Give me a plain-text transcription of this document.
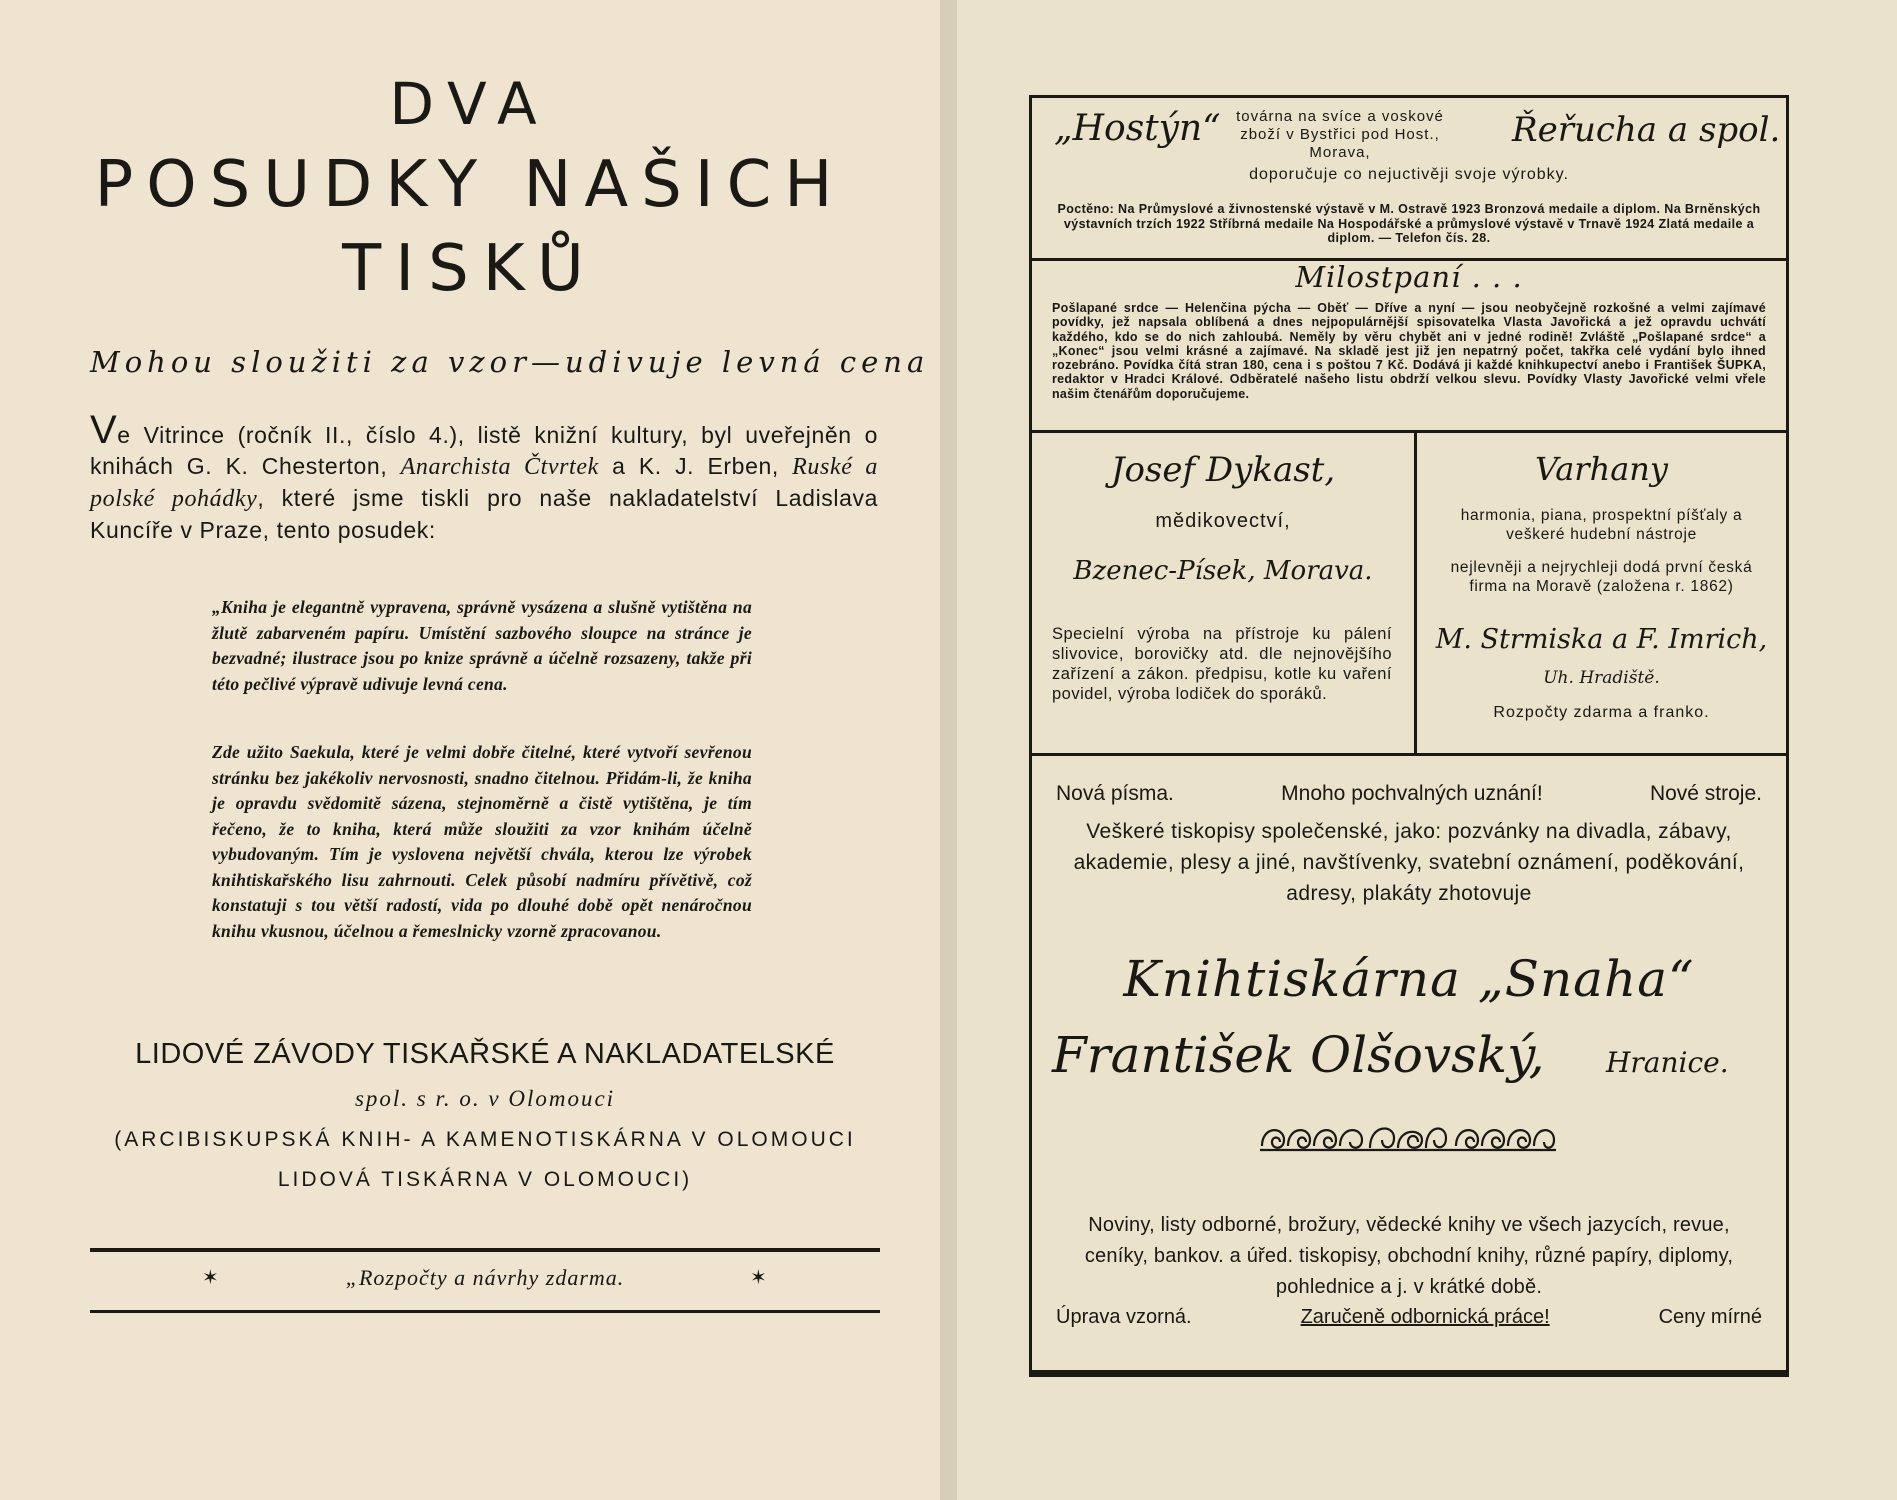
DVA
POSUDKY NAŠICH
TISKŮ
Mohou sloužiti za vzor — udivuje levná cena
Ve Vitrince (ročník II., číslo 4.), listě knižní kultury, byl uveřejněn o knihách G. K. Chesterton, Anarchista Čtvrtek a K. J. Erben, Ruské a polské pohádky, které jsme tiskli pro naše nakladatelství Ladislava Kuncíře v Praze, tento posudek:
„Kniha je elegantně vypravena, správně vysázena a slušně vytištěna na žlutě zabarveném papíru. Umístění sazbového sloupce na stránce je bezvadné; ilustrace jsou po knize správně a účelně rozsazeny, takže při této pečlivé výpravě udivuje levná cena.
Zde užito Saekula, které je velmi dobře čitelné, které vytvoří sevřenou stránku bez jakékoliv nervosnosti, snadno čitelnou. Přidám-li, že kniha je opravdu svědomitě sázena, stejnoměrně a čistě vytištěna, je tím řečeno, že to kniha, která může sloužiti za vzor knihám účelně vybudovaným. Tím je vyslovena největší chvála, kterou lze výrobek knihtiskařského lisu zahrnouti. Celek působí nadmíru přívětivě, což konstatuji s tou větší radostí, vida po dlouhé době opět nenáročnou knihu vkusnou, účelnou a řemeslnicky vzorně zpracovanou.
LIDOVÉ ZÁVODY TISKAŘSKÉ A NAKLADATELSKÉ
spol. s r. o. v Olomouci
(ARCIBISKUPSKÁ KNIH- A KAMENOTISKÁRNA V OLOMOUCI
LIDOVÁ TISKÁRNA V OLOMOUCI)
„Rozpočty a návrhy zdarma.
✶	✶
„Hostýn“	továrna na svíce a voskové zboží v Bystřici pod Host., Morava,
Řeřucha a spol.
doporučuje co nejuctivěji svoje výrobky.
Poctěno: Na Průmyslové a živnostenské výstavě v M. Ostravě 1923 Bronzová medaile a diplom. Na Brněnských výstavních trzích 1922 Stříbrná medaile Na Hospodářské a průmyslové výstavě v Trnavě 1924 Zlatá medaile a diplom. — Telefon čís. 28.
Milostpaní . . .
Pošlapané srdce — Helenčina pýcha — Oběť — Dříve a nyní — jsou neobyčejně rozkošné a velmi zajímavé povídky, jež napsala oblíbená a dnes nejpopulárnější spisovatelka Vlasta Javořická a jež opravdu uchvátí každého, kdo se do nich zahloubá. Neměly by věru chybět ani v jedné rodině! Zvláště „Pošlapané srdce“ a „Konec“ jsou velmi krásné a zajímavé. Na skladě jest již jen nepatrný počet, takřka celé vydání bylo ihned rozebráno. Povídka čítá stran 180, cena i s poštou 7 Kč. Dodává ji každé knihkupectví anebo i František ŠUPKA, redaktor v Hradci Králové. Odběratelé našeho listu obdrží velkou slevu. Povídky Vlasty Javořické velmi vřele našim čtenářům doporučujeme.
Josef Dykast,
mědikovectví,
Bzenec-Písek, Morava.
Specielní výroba na přístroje ku pálení slivovice, borovičky atd. dle nejnovějšího zařízení a zákon. předpisu, kotle ku vaření povidel, výroba lodiček do sporáků.
Varhany
harmonia, piana, prospektní píšťaly a veškeré hudební nástroje
nejlevněji a nejrychleji dodá první česká firma na Moravě (založena r. 1862)
M. Strmiska a F. Imrich,
Uh. Hradiště.
Rozpočty zdarma a franko.
Nová písma.	Mnoho pochvalných uznání!	Nové stroje.
Veškeré tiskopisy společenské, jako: pozvánky na divadla, zábavy, akademie, plesy a jiné, navštívenky, svatební oznámení, poděkování, adresy, plakáty zhotovuje
Knihtiskárna „Snaha“
František Olšovský, Hranice.
Noviny, listy odborné, brožury, vědecké knihy ve všech jazycích, revue, ceníky, bankov. a úřed. tiskopisy, obchodní knihy, různé papíry, diplomy, pohlednice a j. v krátké době.
Úprava vzorná.	Zaručeně odbornická práce!	Ceny mírné
